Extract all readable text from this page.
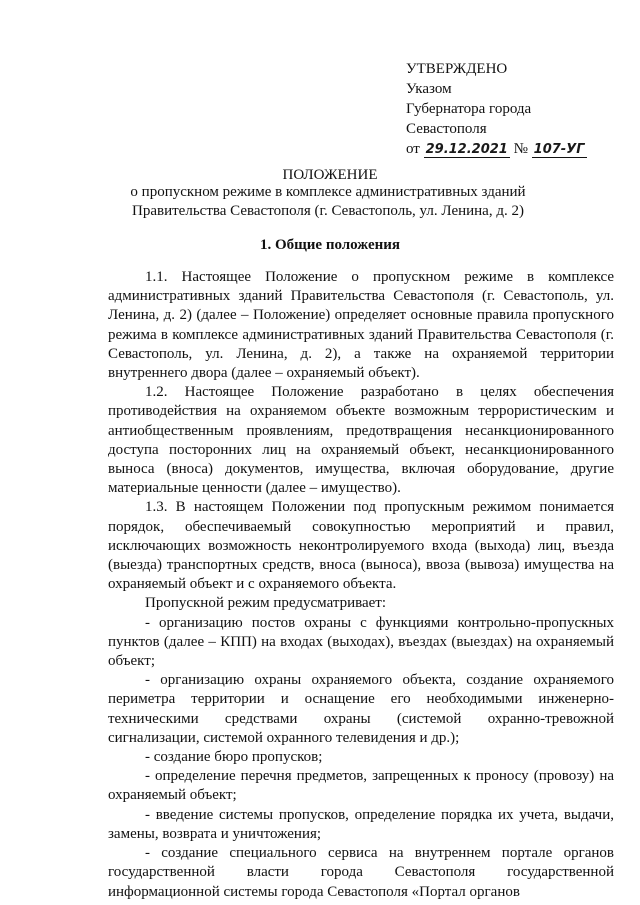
УТВЕРЖДЕНО
Указом
Губернатора города
Севастополя
от 29.12.2021 № 107-УГ
ПОЛОЖЕНИЕ
о пропускном режиме в комплексе административных зданий Правительства Севастополя (г. Севастополь, ул. Ленина, д. 2)
1. Общие положения

1.1. Настоящее Положение о пропускном режиме в комплексе административных зданий Правительства Севастополя (г. Севастополь, ул. Ленина, д. 2) (далее – Положение) определяет основные правила пропускного режима в комплексе административных зданий Правительства Севастополя (г. Севастополь, ул. Ленина, д. 2), а также на охраняемой территории внутреннего двора (далее – охраняемый объект).

1.2. Настоящее Положение разработано в целях обеспечения противодействия на охраняемом объекте возможным террористическим и антиобщественным проявлениям, предотвращения несанкционированного доступа посторонних лиц на охраняемый объект, несанкционированного выноса (вноса) документов, имущества, включая оборудование, другие материальные ценности (далее – имущество).

1.3. В настоящем Положении под пропускным режимом понимается порядок, обеспечиваемый совокупностью мероприятий и правил, исключающих возможность неконтролируемого входа (выхода) лиц, въезда (выезда) транспортных средств, вноса (выноса), ввоза (вывоза) имущества на охраняемый объект и с охраняемого объекта.

Пропускной режим предусматривает:

- организацию постов охраны с функциями контрольно-пропускных пунктов (далее – КПП) на входах (выходах), въездах (выездах) на охраняемый объект;

- организацию охраны охраняемого объекта, создание охраняемого периметра территории и оснащение его необходимыми инженерно-техническими средствами охраны (системой охранно-тревожной сигнализации, системой охранного телевидения и др.);

- создание бюро пропусков;

- определение перечня предметов, запрещенных к проносу (провозу) на охраняемый объект;

- введение системы пропусков, определение порядка их учета, выдачи, замены, возврата и уничтожения;

- создание специального сервиса на внутреннем портале органов государственной власти города Севастополя государственной информационной системы города Севастополя «Портал органов
